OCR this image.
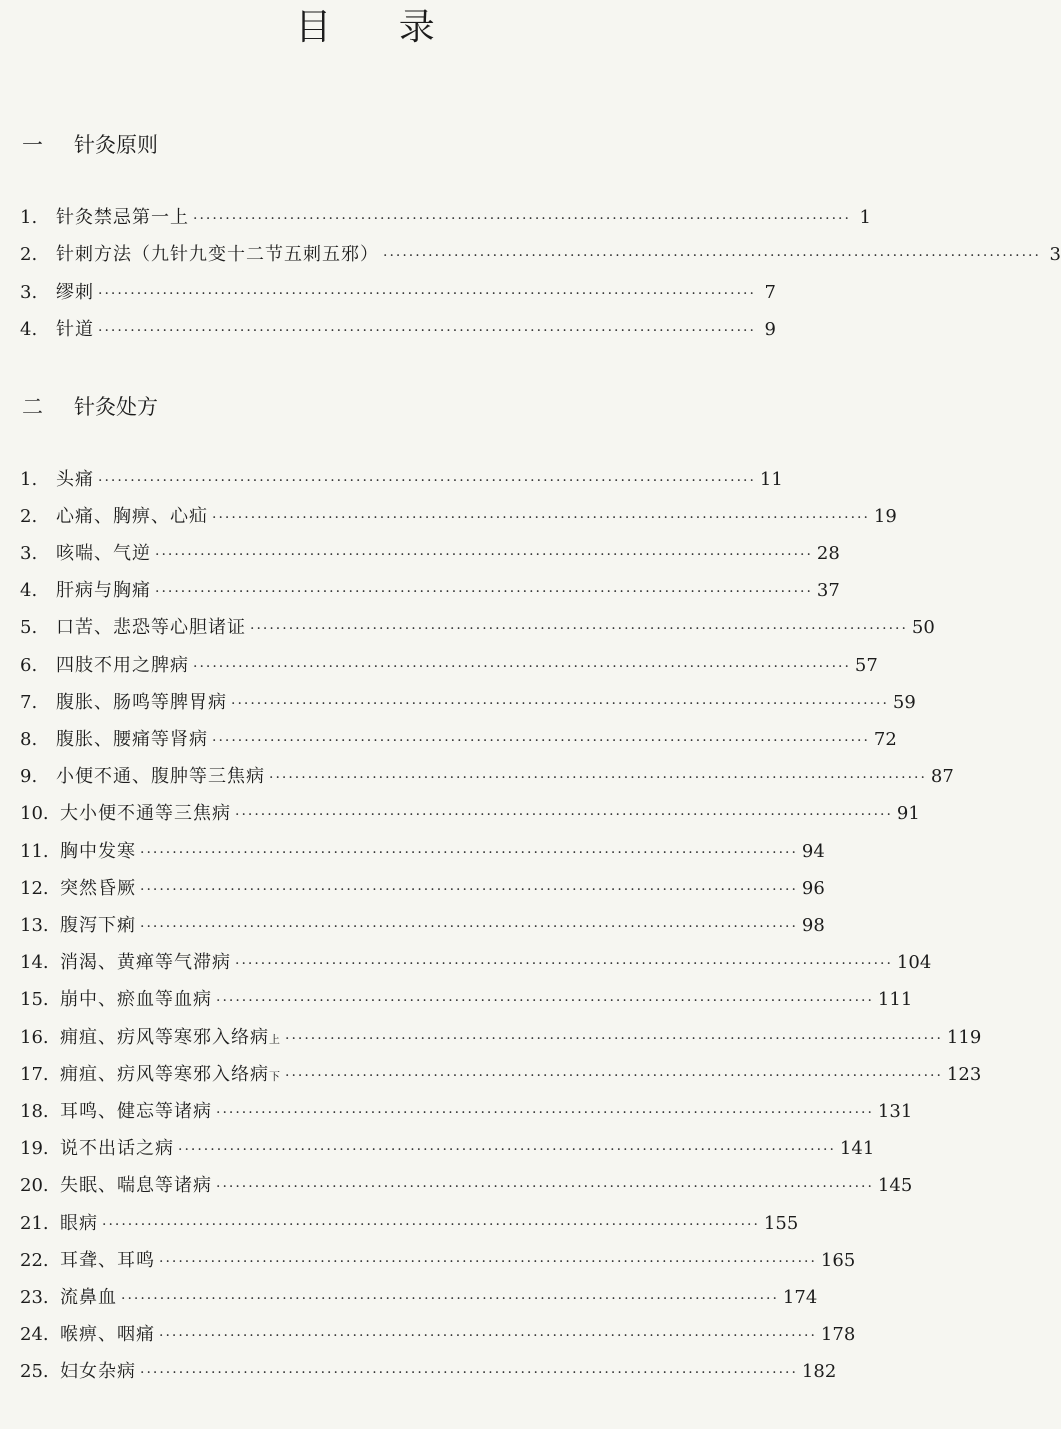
目 录
一 针灸原则
1.	针灸禁忌第一上 ······································································································ 1
2.	针刺方法（九针九变十二节五刺五邪） ······································································································ 3
3.	缪刺 ······································································································ 7
4.	针道 ······································································································ 9
二 针灸处方
1.	头痛 ······································································································ 11
2.	心痛、胸痹、心疝 ······································································································ 19
3.	咳喘、气逆 ······································································································ 28
4.	肝病与胸痛 ······································································································ 37
5.	口苦、悲恐等心胆诸证 ······································································································ 50
6.	四肢不用之脾病 ······································································································ 57
7.	腹胀、肠鸣等脾胃病 ······································································································ 59
8.	腹胀、腰痛等肾病 ······································································································ 72
9.	小便不通、腹肿等三焦病 ······································································································ 87
10. 大小便不通等三焦病 ······································································································ 91
11. 胸中发寒 ······································································································ 94
12. 突然昏厥 ······································································································ 96
13. 腹泻下痢 ······································································································ 98
14. 消渴、黄瘅等气滞病 ······································································································ 104
15. 崩中、瘀血等血病 ······································································································ 111
16. 痈疽、疠风等寒邪入络病上 ······································································································ 119
17. 痈疽、疠风等寒邪入络病下 ······································································································ 123
18. 耳鸣、健忘等诸病 ······································································································ 131
19. 说不出话之病 ······································································································ 141
20. 失眠、喘息等诸病 ······································································································ 145
21. 眼病 ······································································································ 155
22. 耳聋、耳鸣 ······································································································ 165
23. 流鼻血 ······································································································ 174
24. 喉痹、咽痛 ······································································································ 178
25. 妇女杂病 ······································································································ 182
